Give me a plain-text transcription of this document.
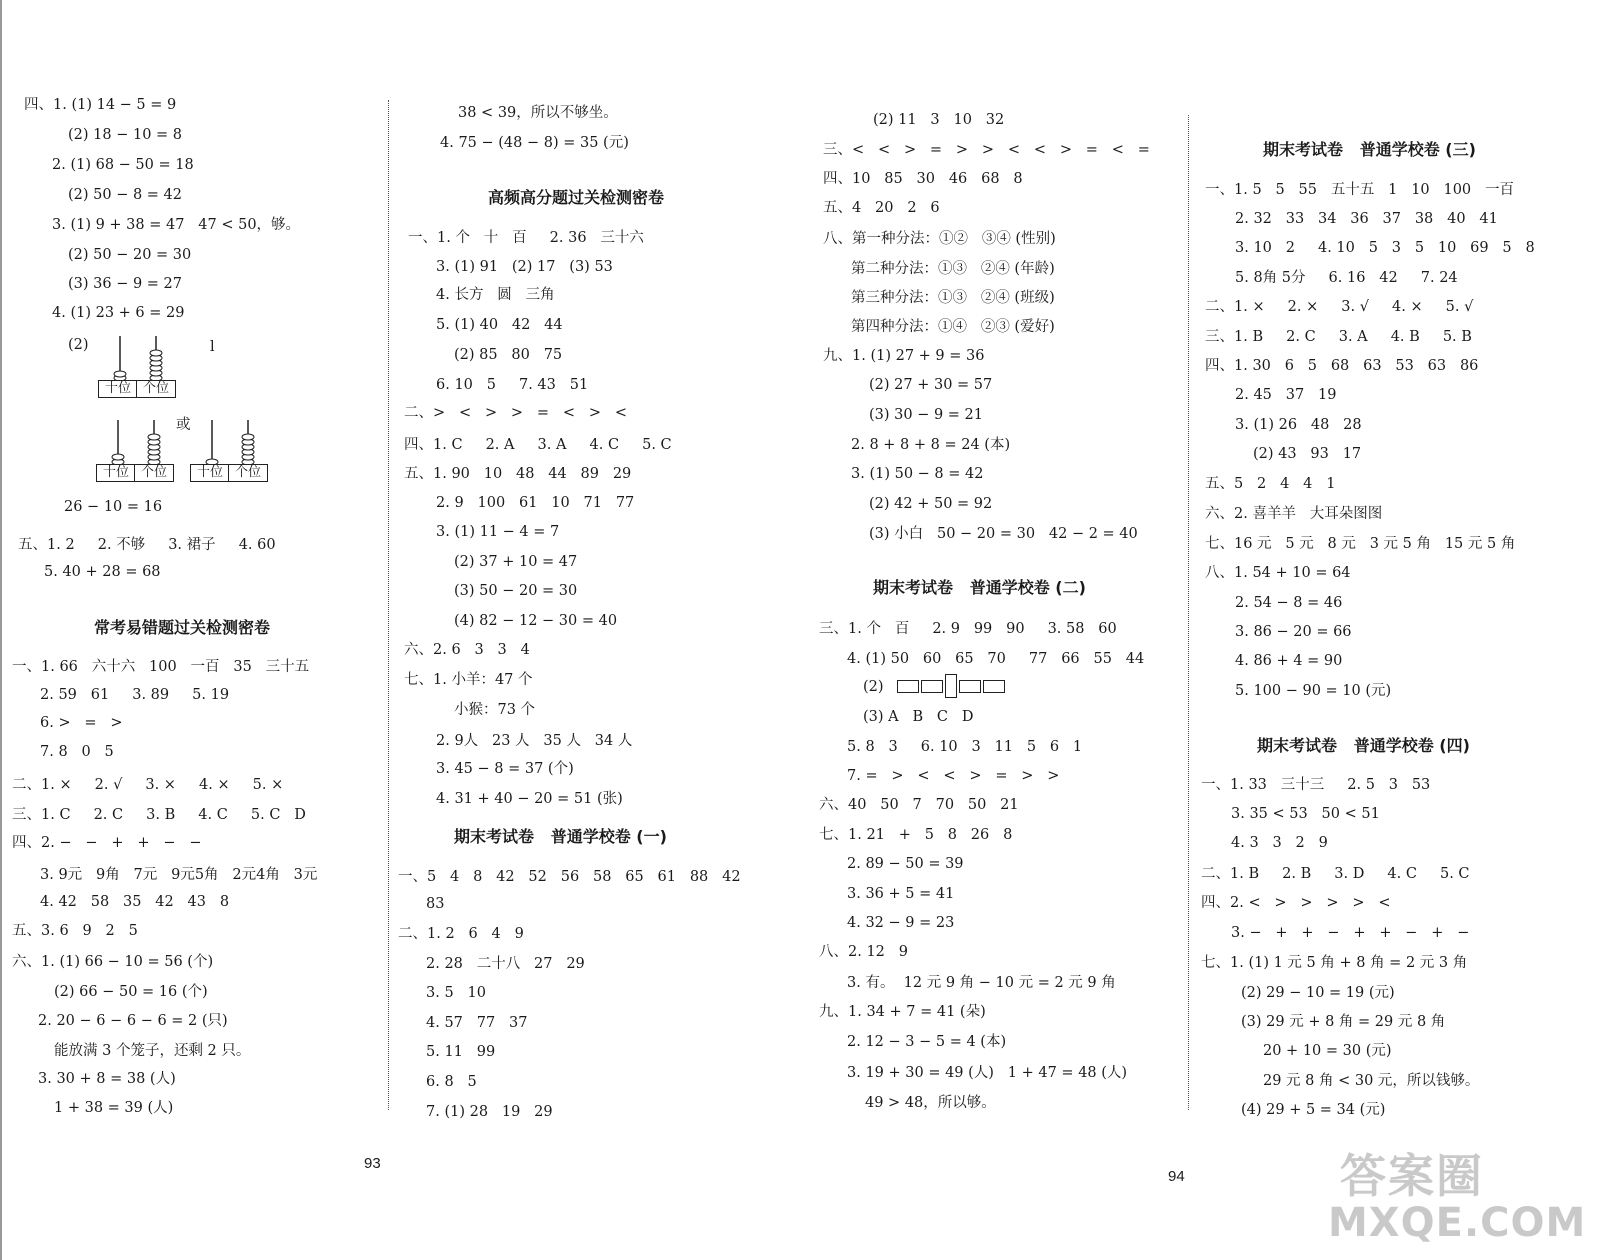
四、1. (1) 14 − 5 = 9
(2) 18 − 10 = 8
2. (1) 68 − 50 = 18
(2) 50 − 8 = 42
3. (1) 9 + 38 = 47   47 < 50，够。
(2) 50 − 20 = 30
(3) 36 − 9 = 27
4. (1) 23 + 6 = 29
(2)	l
十位 个位
十位 个位
或
十位 个位
26 − 10 = 16
五、1. 2     2. 不够     3. 裙子     4. 60
5. 40 + 28 = 68
常考易错题过关检测密卷
一、1. 66   六十六   100   一百   35   三十五
2. 59   61     3. 89     5. 19
6. >   =   >
7. 8   0   5
二、1. ×     2. √     3. ×     4. ×     5. ×
三、1. C     2. C     3. B     4. C     5. C   D
四、2. −   −   +   +   −   −
3. 9元   9角   7元   9元5角   2元4角   3元
4. 42   58   35   42   43   8
五、3. 6   9   2   5
六、1. (1) 66 − 10 = 56 (个)
(2) 66 − 50 = 16 (个)
2. 20 − 6 − 6 − 6 = 2 (只)
能放满 3 个笼子，还剩 2 只。
3. 30 + 8 = 38 (人)
1 + 38 = 39 (人)
38 < 39，所以不够坐。
4. 75 − (48 − 8) = 35 (元)
高频高分题过关检测密卷
一、1. 个   十   百     2. 36   三十六
3. (1) 91   (2) 17   (3) 53
4. 长方   圆   三角
5. (1) 40   42   44
(2) 85   80   75
6. 10   5     7. 43   51
二、>   <   >   >   =   <   >   <
四、1. C     2. A     3. A     4. C     5. C
五、1. 90   10   48   44   89   29
2. 9   100   61   10   71   77
3. (1) 11 − 4 = 7
(2) 37 + 10 = 47
(3) 50 − 20 = 30
(4) 82 − 12 − 30 = 40
六、2. 6   3   3   4
七、1. 小羊：47 个
小猴：73 个
2. 9人   23 人   35 人   34 人
3. 45 − 8 = 37 (个)
4. 31 + 40 − 20 = 51 (张)
期末考试卷   普通学校卷 (一)
一、5   4   8   42   52   56   58   65   61   88   42
83
二、1. 2   6   4   9
2. 28   二十八   27   29
3. 5   10
4. 57   77   37
5. 11   99
6. 8   5
7. (1) 28   19   29
93
(2) 11   3   10   32
三、<   <   >   =   >   >   <   <   >   =   <   =
四、10   85   30   46   68   8
五、4   20   2   6
八、第一种分法：①②   ③④ (性别)
第二种分法：①③   ②④ (年龄)
第三种分法：①③   ②④ (班级)
第四种分法：①④   ②③ (爱好)
九、1. (1) 27 + 9 = 36
(2) 27 + 30 = 57
(3) 30 − 9 = 21
2. 8 + 8 + 8 = 24 (本)
3. (1) 50 − 8 = 42
(2) 42 + 50 = 92
(3) 小白   50 − 20 = 30   42 − 2 = 40
期末考试卷   普通学校卷 (二)
三、1. 个   百     2. 9   99   90     3. 58   60
4. (1) 50   60   65   70     77   66   55   44
(2)
(3) A   B   C   D
5. 8   3     6. 10   3   11   5   6   1
7. =   >   <   <   >   =   >   >
六、40   50   7   70   50   21
七、1. 21   +   5   8   26   8
2. 89 − 50 = 39
3. 36 + 5 = 41
4. 32 − 9 = 23
八、2. 12   9
3. 有。  12 元 9 角 − 10 元 = 2 元 9 角
九、1. 34 + 7 = 41 (朵)
2. 12 − 3 − 5 = 4 (本)
3. 19 + 30 = 49 (人)   1 + 47 = 48 (人)
49 > 48，所以够。
期末考试卷   普通学校卷 (三)
一、1. 5   5   55   五十五   1   10   100   一百
2. 32   33   34   36   37   38   40   41
3. 10   2     4. 10   5   3   5   10   69   5   8
5. 8角 5分     6. 16   42     7. 24
二、1. ×     2. ×     3. √     4. ×     5. √
三、1. B     2. C     3. A     4. B     5. B
四、1. 30   6   5   68   63   53   63   86
2. 45   37   19
3. (1) 26   48   28
(2) 43   93   17
五、5   2   4   4   1
六、2. 喜羊羊   大耳朵图图
七、16 元   5 元   8 元   3 元 5 角   15 元 5 角
八、1. 54 + 10 = 64
2. 54 − 8 = 46
3. 86 − 20 = 66
4. 86 + 4 = 90
5. 100 − 90 = 10 (元)
期末考试卷   普通学校卷 (四)
一、1. 33   三十三     2. 5   3   53
3. 35 < 53   50 < 51
4. 3   3   2   9
二、1. B     2. B     3. D     4. C     5. C
四、2. <   >   >   >   >   <
3. −   +   +   −   +   +   −   +   −
七、1. (1) 1 元 5 角 + 8 角 = 2 元 3 角
(2) 29 − 10 = 19 (元)
(3) 29 元 + 8 角 = 29 元 8 角
20 + 10 = 30 (元)
29 元 8 角 < 30 元，所以钱够。
(4) 29 + 5 = 34 (元)
94	答案圈
MXQE.COM
